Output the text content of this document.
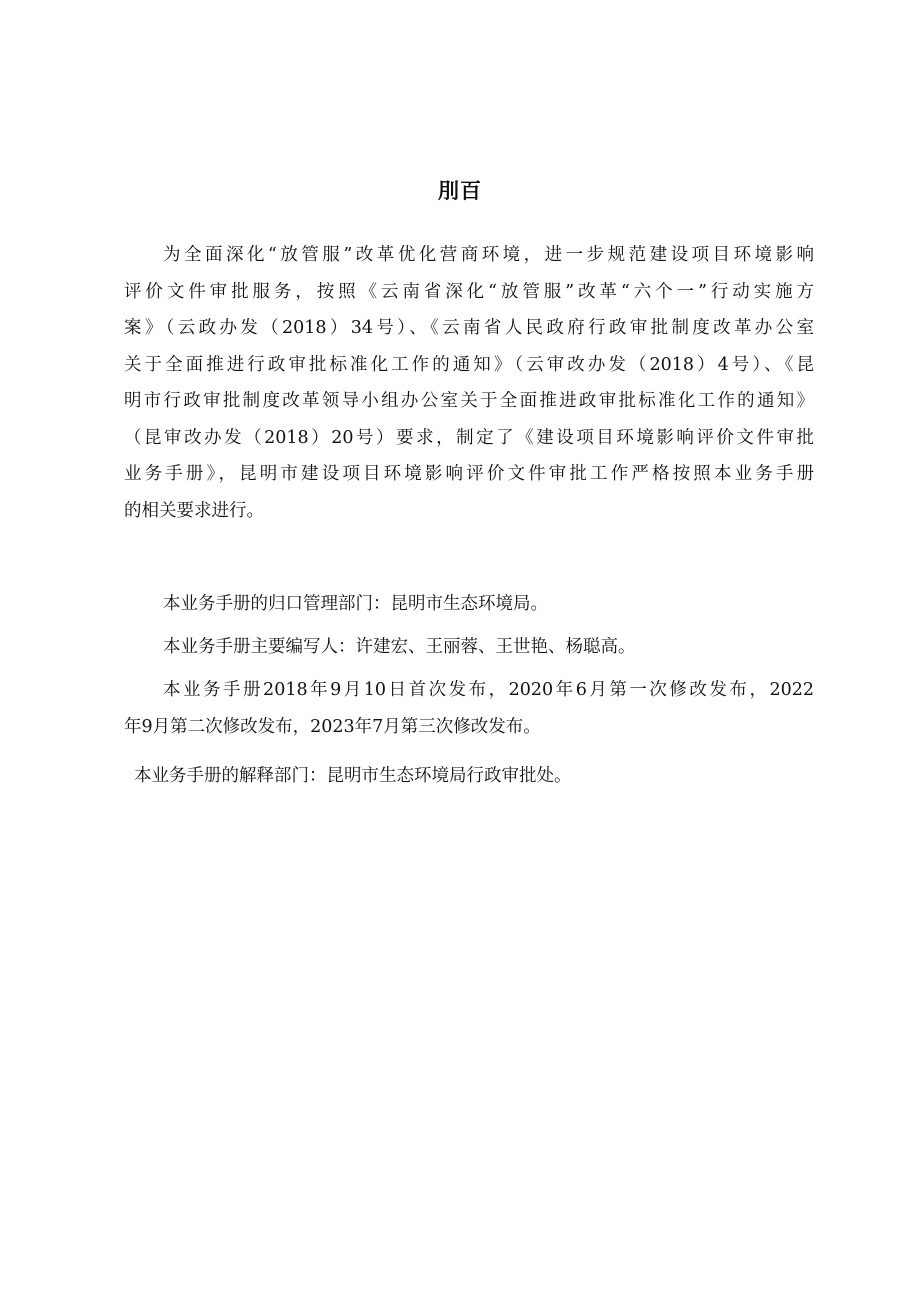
刖百
为全面深化“放管服”改革优化营商环境，进一步规范建设项目环境影响
评价文件审批服务，按照《云南省深化“放管服”改革“六个一”行动实施方
案》（云政办发（2018）34号）、《云南省人民政府行政审批制度改革办公室
关于全面推进行政审批标准化工作的通知》（云审改办发（2018）4号）、《昆
明市行政审批制度改革领导小组办公室关于全面推进政审批标准化工作的通知》
（昆审改办发（2018）20号）要求，制定了《建设项目环境影响评价文件审批
业务手册》，昆明市建设项目环境影响评价文件审批工作严格按照本业务手册
的相关要求进行。
本业务手册的归口管理部门：昆明市生态环境局。
本业务手册主要编写人：许建宏、王丽蓉、王世艳、杨聪高。
本业务手册2018年9月10日首次发布，2020年6月第一次修改发布，2022
年9月第二次修改发布，2023年7月第三次修改发布。
本业务手册的解释部门：昆明市生态环境局行政审批处。
